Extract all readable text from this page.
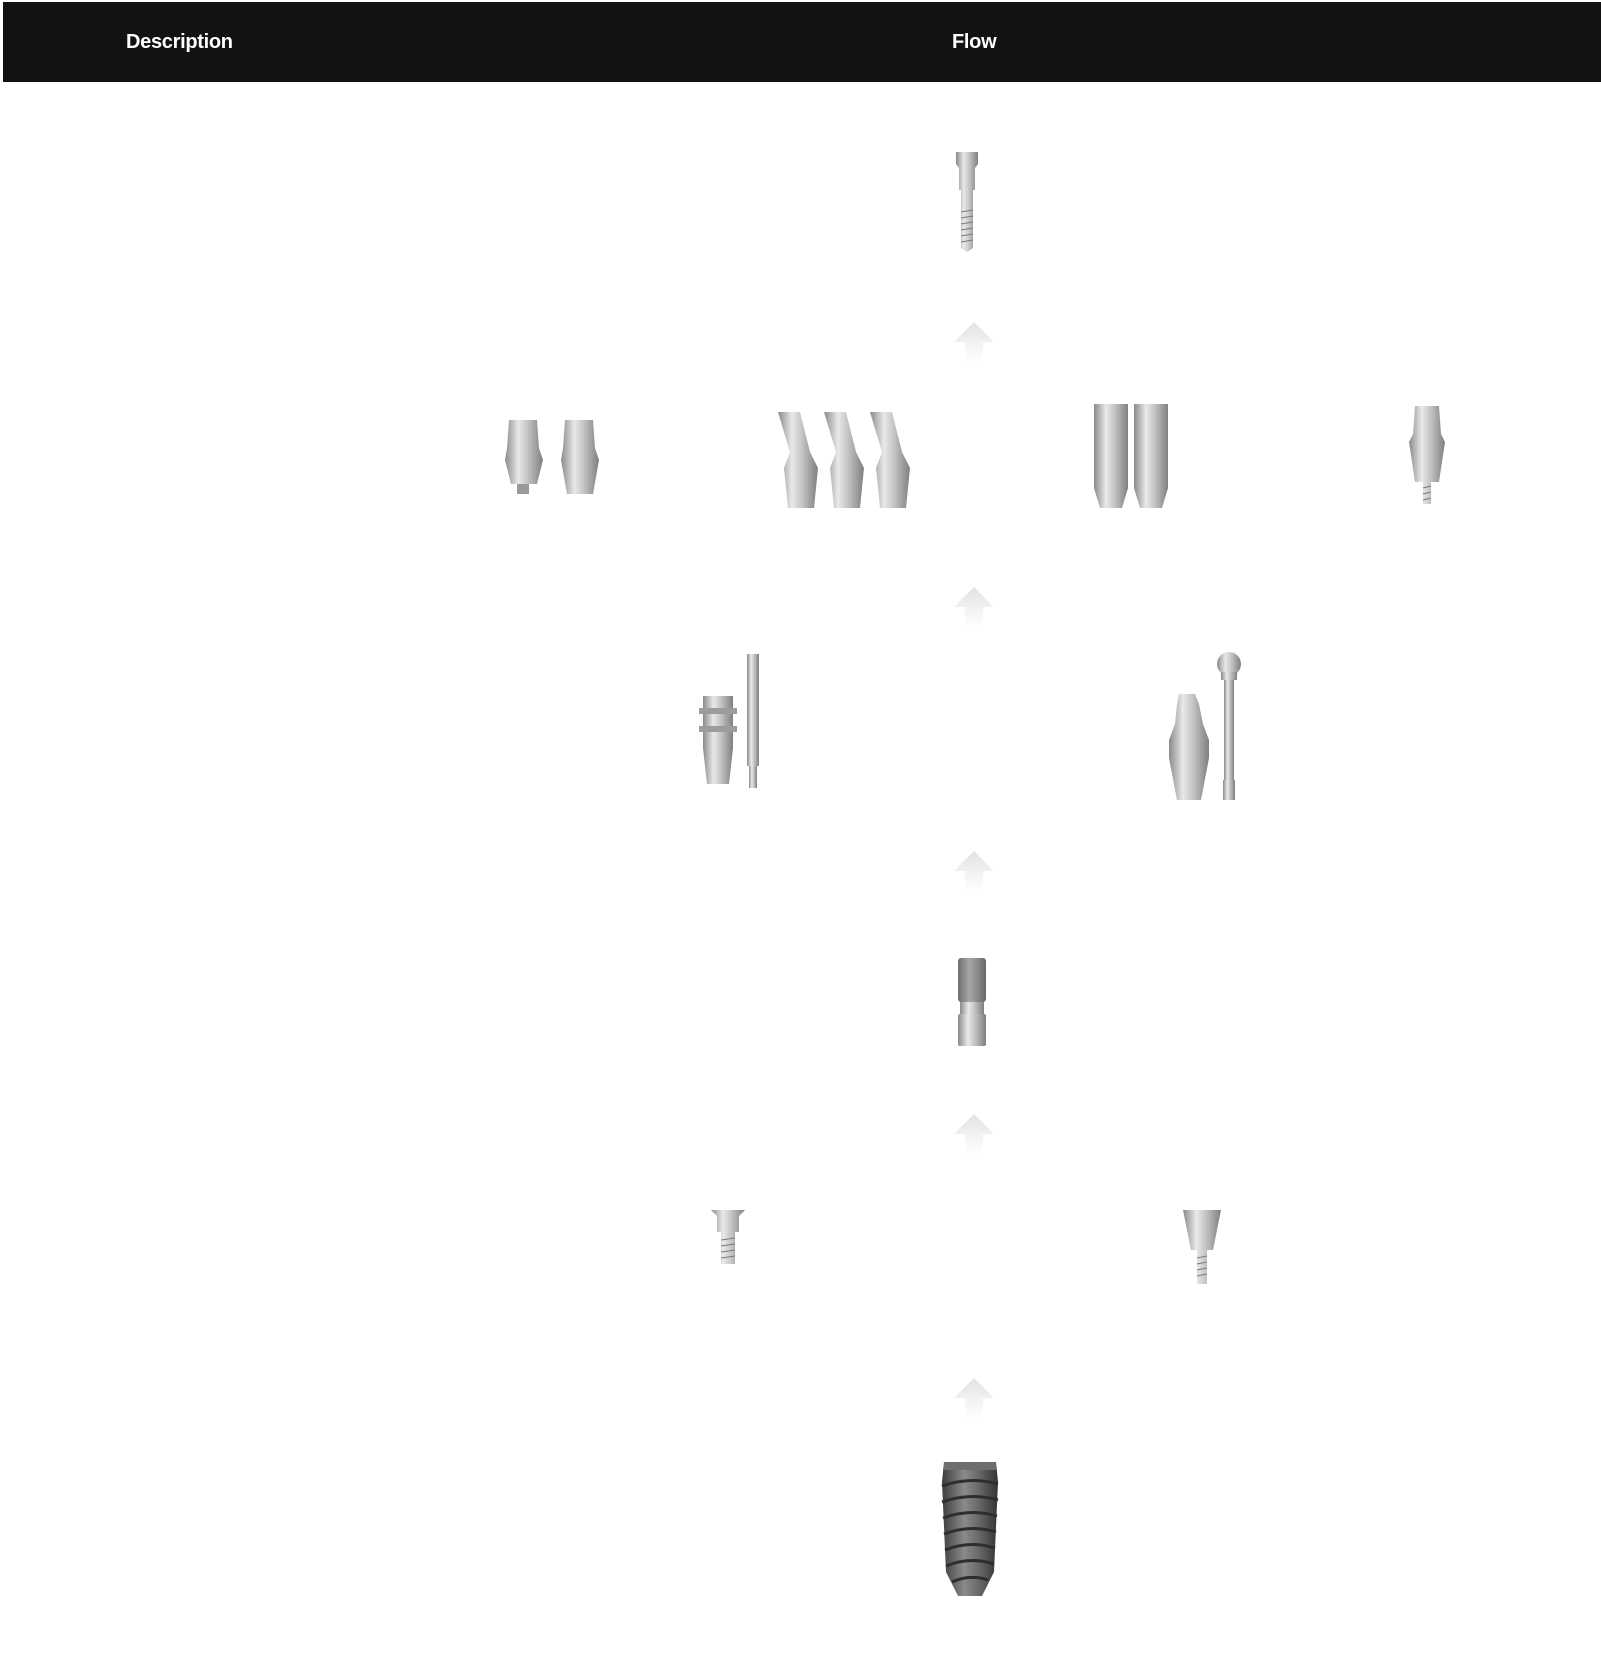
Description	Flow
